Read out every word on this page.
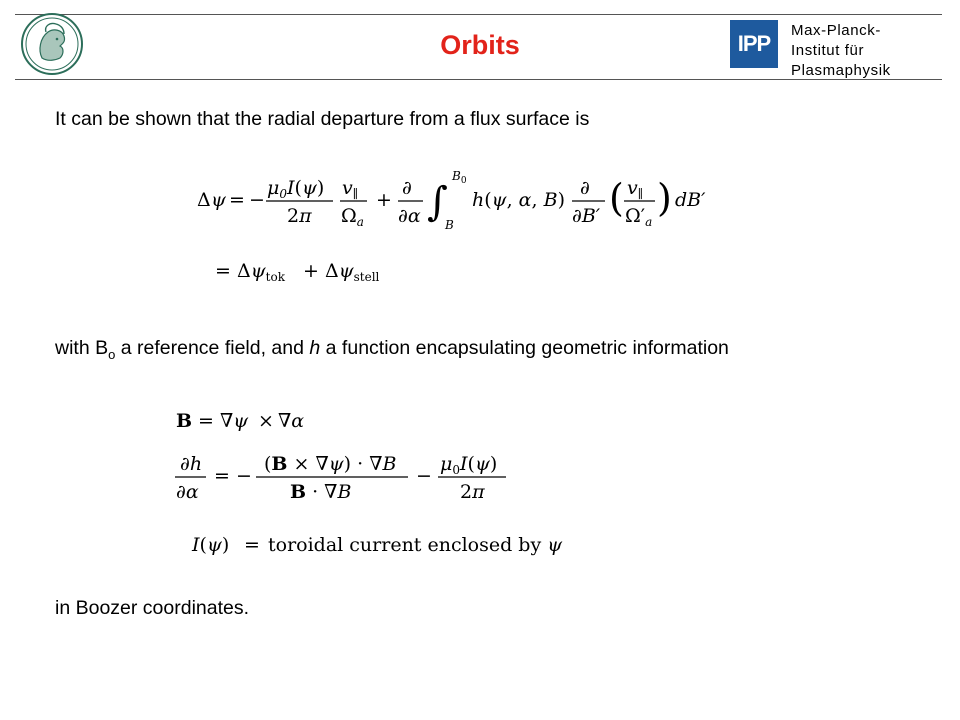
Orbits	IPP
Max-Planck-
Institut für
Plasmaphysik
It can be shown that the radial departure from a flux surface is
Δ ψ = −
$\mu_0I(\psi)$
2π
$v_\parallel$
$\Omega_a$
+
∂
∂α ∫
$B_0$
B
h(ψ, α, B)
∂
∂B′ ( $v_\parallel$
$\Omega'_a$
) dB′
= $\Delta\psi_{tok} + \Delta\psi_{stell}$
with $B_o$ a reference field, and h a function encapsulating geometric information
B = ∇ψ × ∇α
∂h
∂α
= −
(B × ∇ψ) · ∇B
B · ∇B
−
$\mu_0I(\psi)$
2π
I(ψ) = toroidal current enclosed by ψ
in Boozer coordinates.
